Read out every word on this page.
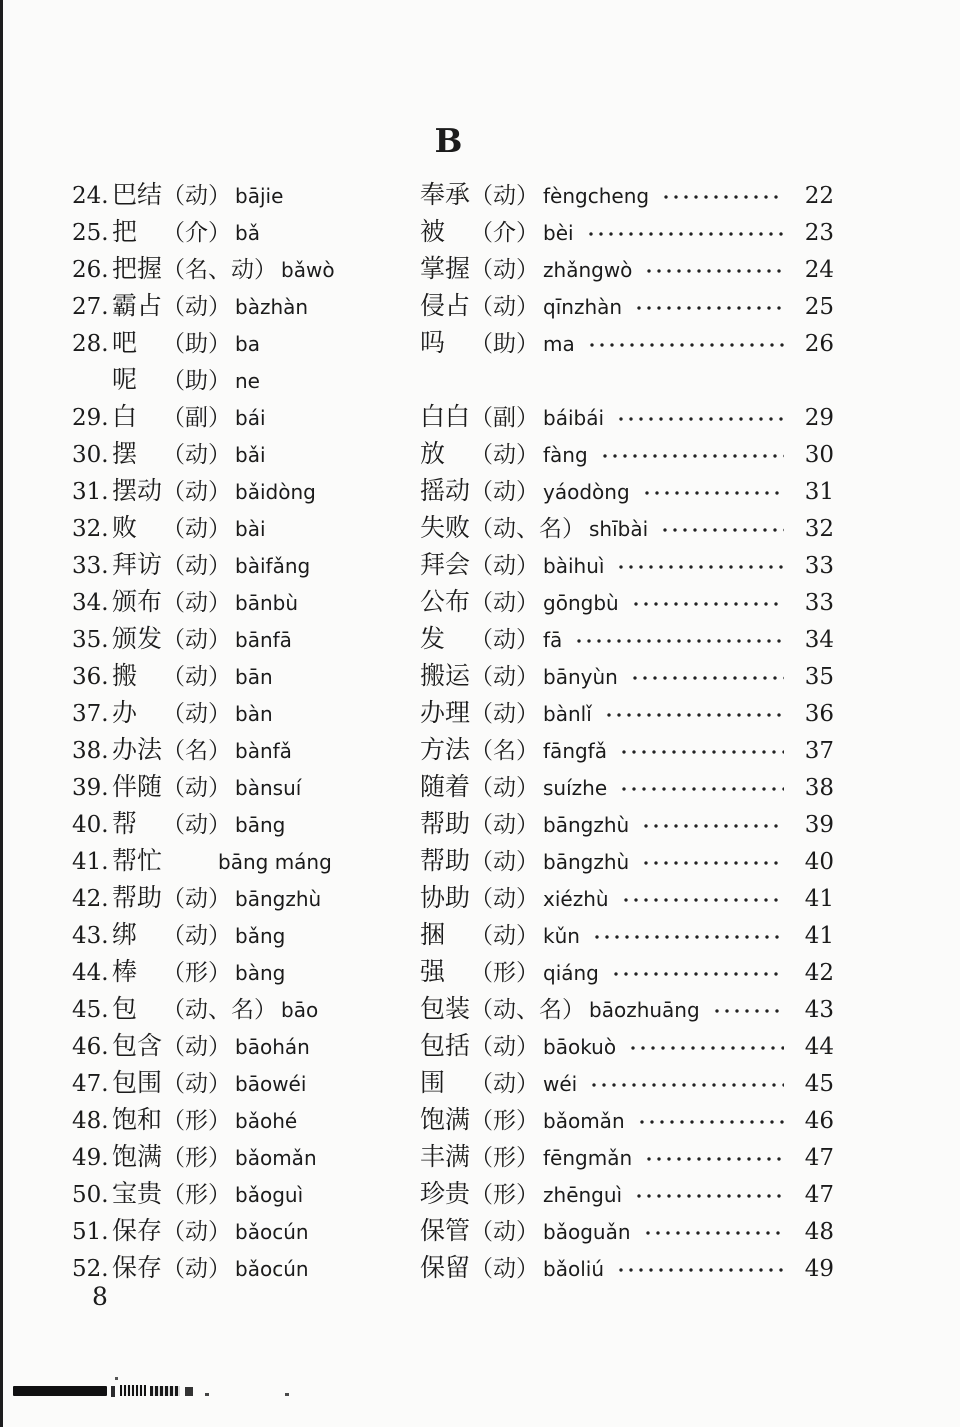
B
24. 巴结 （动） bājie	奉承 （动） fèngcheng	22
25. 把	（介） bǎ	被	（介） bèi	23
26. 把握 （名、动） bǎwò	掌握 （动） zhǎngwò	24
27. 霸占 （动） bàzhàn	侵占 （动） qīnzhàn	25
28. 吧	（助） ba	吗	（助） ma	26
呢	（助） ne
29. 白	（副） bái	白白 （副） báibái	29
30. 摆	（动） bǎi	放	（动） fàng	30
31. 摆动 （动） bǎidòng	摇动 （动） yáodòng	31
32. 败	（动） bài	失败 （动、名） shībài	32
33. 拜访 （动） bàifǎng	拜会 （动） bàihuì	33
34. 颁布 （动） bānbù	公布 （动） gōngbù	33
35. 颁发 （动） bānfā	发	（动） fā	34
36. 搬	（动） bān	搬运 （动） bānyùn	35
37. 办	（动） bàn	办理 （动） bànlǐ	36
38. 办法 （名） bànfǎ	方法 （名） fāngfǎ	37
39. 伴随 （动） bànsuí	随着 （动） suízhe	38
40. 帮	（动） bāng	帮助 （动） bāngzhù	39
41. 帮忙	bāng máng	帮助 （动） bāngzhù	40
42. 帮助 （动） bāngzhù	协助 （动） xiézhù	41
43. 绑	（动） bǎng	捆	（动） kǔn	41
44. 棒	（形） bàng	强	（形） qiáng	42
45. 包	（动、名） bāo	包装 （动、名） bāozhuāng	43
46. 包含 （动） bāohán	包括 （动） bāokuò	44
47. 包围 （动） bāowéi	围	（动） wéi	45
48. 饱和 （形） bǎohé	饱满 （形） bǎomǎn	46
49. 饱满 （形） bǎomǎn	丰满 （形） fēngmǎn	47
50. 宝贵 （形） bǎoguì	珍贵 （形） zhēnguì	47
51. 保存 （动） bǎocún	保管 （动） bǎoguǎn	48
52. 保存 （动） bǎocún	保留 （动） bǎoliú	49
8
